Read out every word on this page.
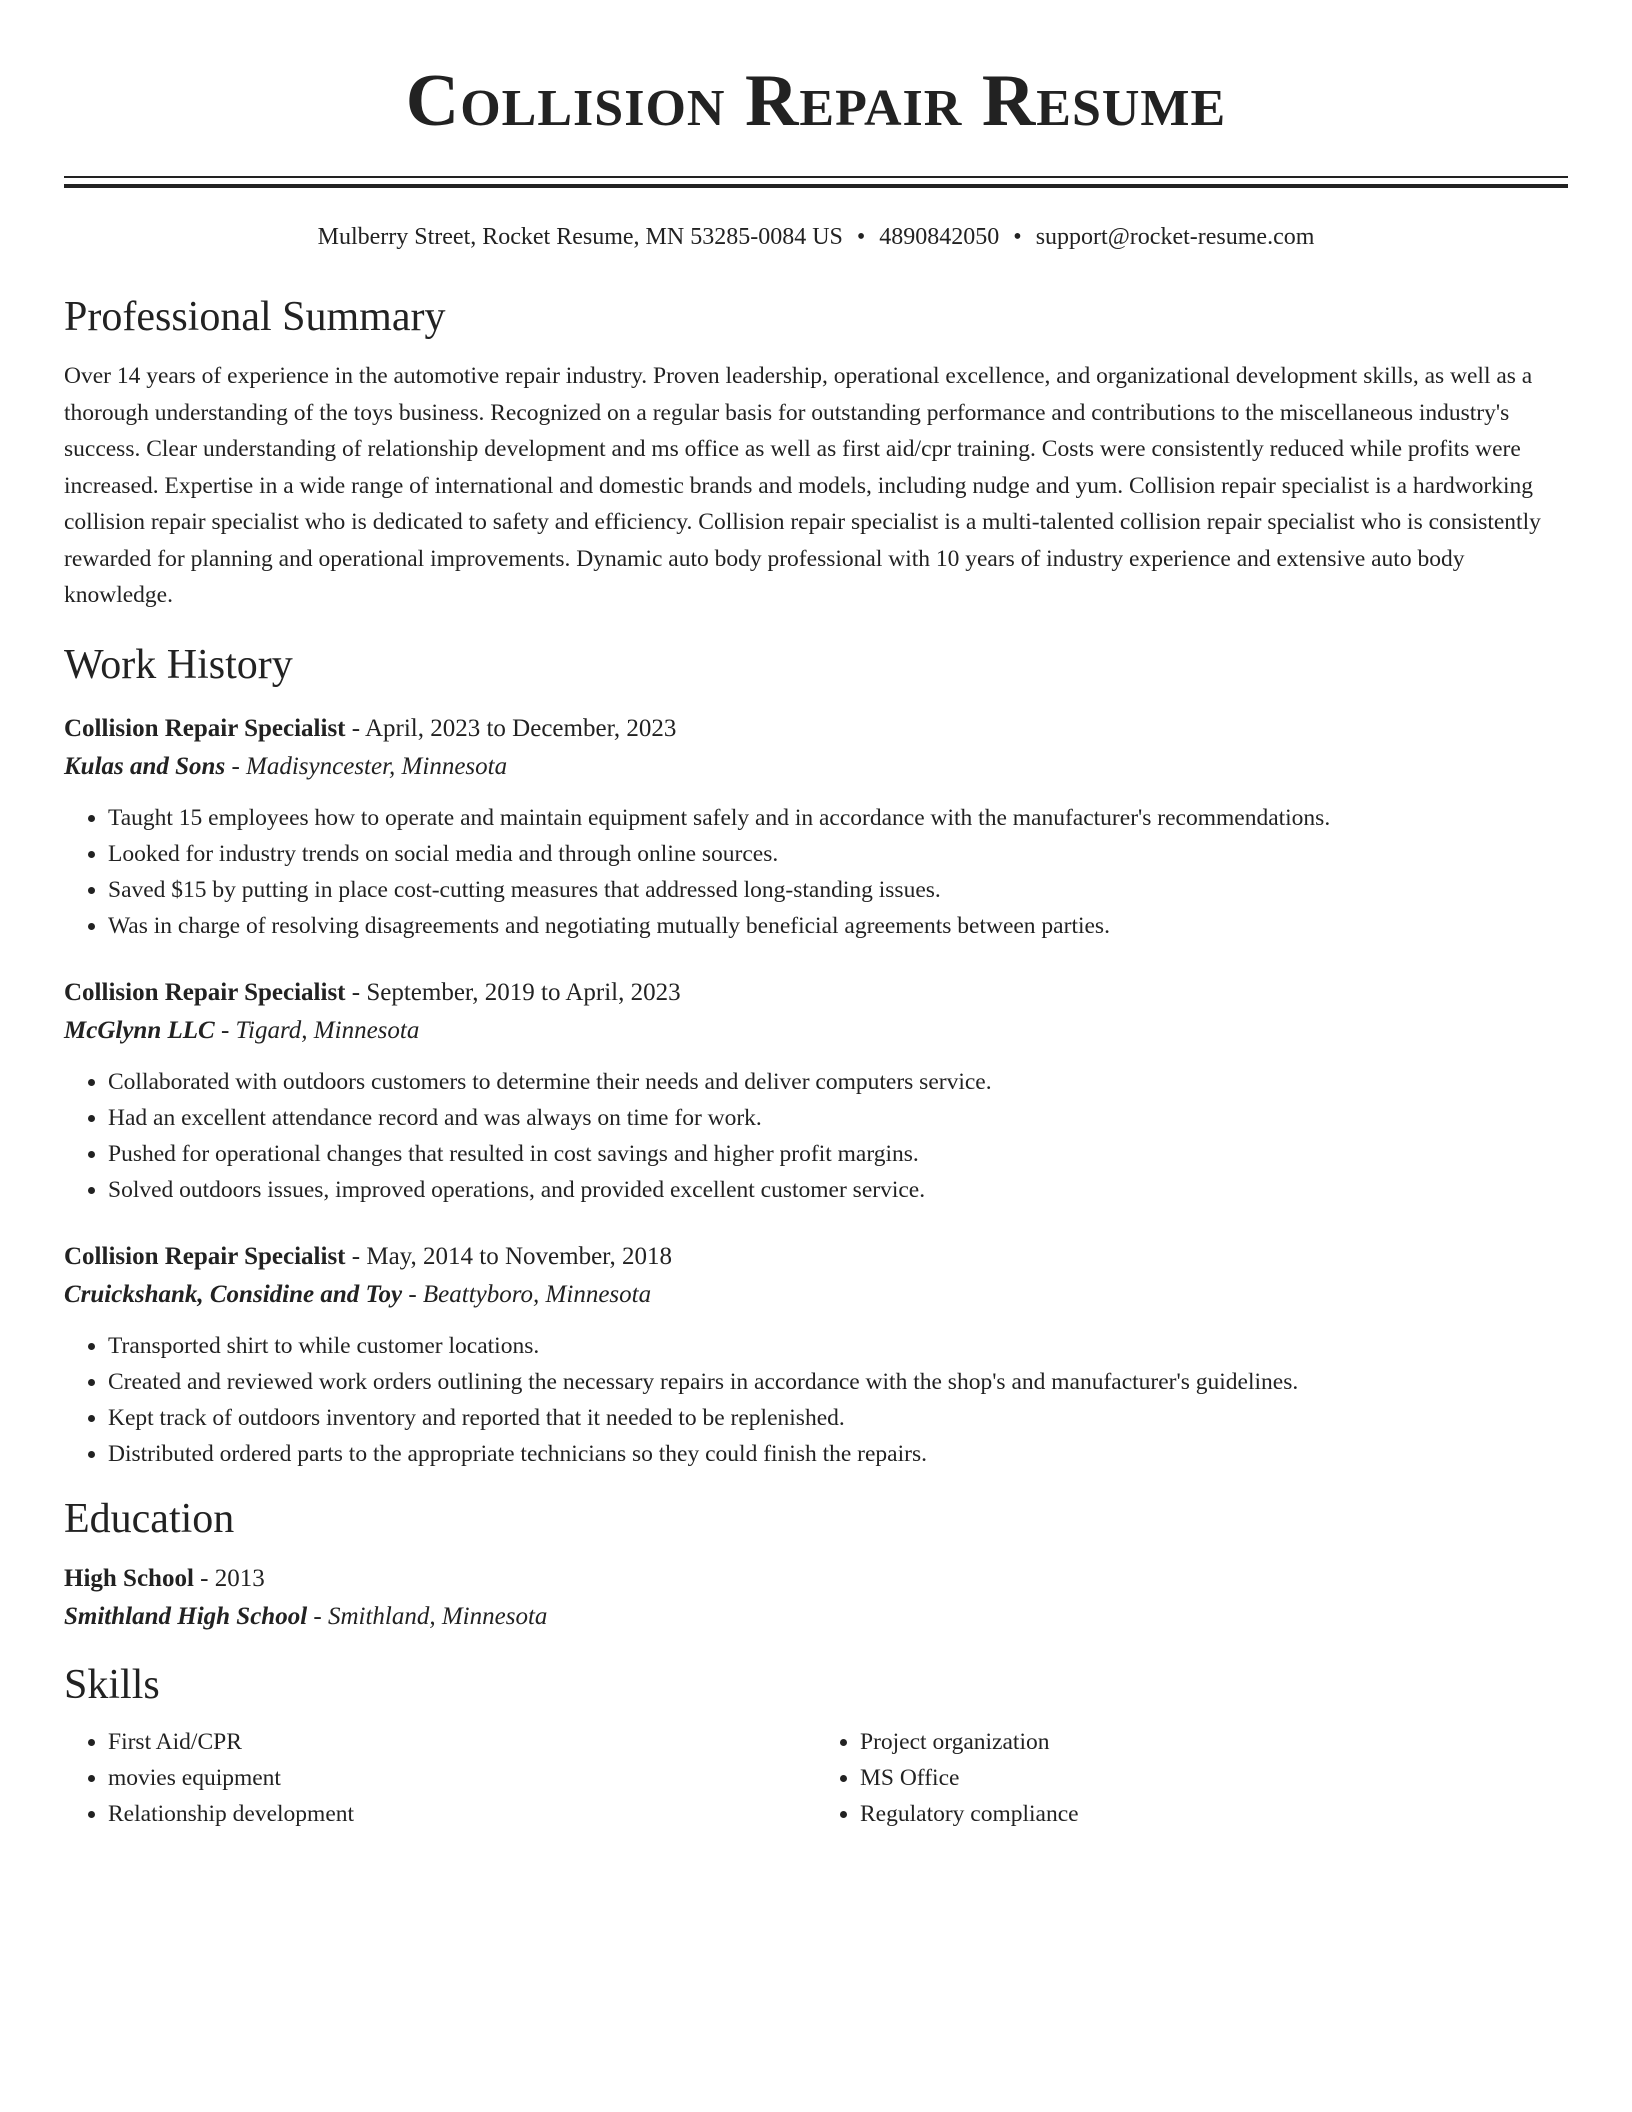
Collision Repair Resume
Mulberry Street, Rocket Resume, MN 53285-0084 US • 4890842050 • support@rocket-resume.com
Professional Summary
Over 14 years of experience in the automotive repair industry. Proven leadership, operational excellence, and organizational development skills, as well as a thorough understanding of the toys business. Recognized on a regular basis for outstanding performance and contributions to the miscellaneous industry's success. Clear understanding of relationship development and ms office as well as first aid/cpr training. Costs were consistently reduced while profits were increased. Expertise in a wide range of international and domestic brands and models, including nudge and yum. Collision repair specialist is a hardworking collision repair specialist who is dedicated to safety and efficiency. Collision repair specialist is a multi-talented collision repair specialist who is consistently rewarded for planning and operational improvements. Dynamic auto body professional with 10 years of industry experience and extensive auto body knowledge.
Work History
Collision Repair Specialist - April, 2023 to December, 2023
Kulas and Sons - Madisyncester, Minnesota
• Taught 15 employees how to operate and maintain equipment safely and in accordance with the manufacturer's recommendations.
• Looked for industry trends on social media and through online sources.
• Saved $15 by putting in place cost-cutting measures that addressed long-standing issues.
• Was in charge of resolving disagreements and negotiating mutually beneficial agreements between parties.
Collision Repair Specialist - September, 2019 to April, 2023
McGlynn LLC - Tigard, Minnesota
• Collaborated with outdoors customers to determine their needs and deliver computers service.
• Had an excellent attendance record and was always on time for work.
• Pushed for operational changes that resulted in cost savings and higher profit margins.
• Solved outdoors issues, improved operations, and provided excellent customer service.
Collision Repair Specialist - May, 2014 to November, 2018
Cruickshank, Considine and Toy - Beattyboro, Minnesota
• Transported shirt to while customer locations.
• Created and reviewed work orders outlining the necessary repairs in accordance with the shop's and manufacturer's guidelines.
• Kept track of outdoors inventory and reported that it needed to be replenished.
• Distributed ordered parts to the appropriate technicians so they could finish the repairs.
Education
High School - 2013
Smithland High School - Smithland, Minnesota
Skills
• First Aid/CPR
• movies equipment
• Relationship development
• Project organization
• MS Office
• Regulatory compliance
